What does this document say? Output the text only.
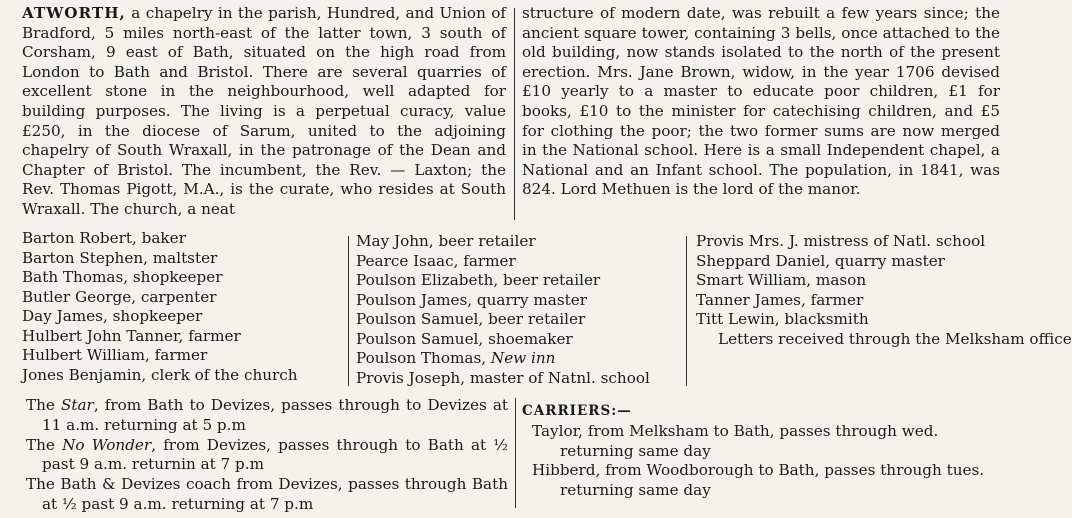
ATWORTH, a chapelry in the parish, Hundred, and Union of Bradford, 5 miles north-east of the latter town, 3 south of Corsham, 9 east of Bath, situated on the high road from London to Bath and Bristol. There are several quarries of excellent stone in the neighbourhood, well adapted for building purposes. The living is a perpetual curacy, value £250, in the diocese of Sarum, united to the adjoining chapelry of South Wraxall, in the patronage of the Dean and Chapter of Bristol. The incumbent, the Rev. — Laxton; the Rev. Thomas Pigott, M.A., is the curate, who resides at South Wraxall. The church, a neat

structure of modern date, was rebuilt a few years since; the ancient square tower, containing 3 bells, once attached to the old building, now stands isolated to the north of the present erection. Mrs. Jane Brown, widow, in the year 1706 devised £10 yearly to a master to educate poor children, £1 for books, £10 to the minister for catechising children, and £5 for clothing the poor; the two former sums are now merged in the National school. Here is a small Independent chapel, a National and an Infant school. The population, in 1841, was 824. Lord Methuen is the lord of the manor.

Barton Robert, baker
Barton Stephen, maltster
Bath Thomas, shopkeeper
Butler George, carpenter
Day James, shopkeeper
Hulbert John Tanner, farmer
Hulbert William, farmer
Jones Benjamin, clerk of the church
May John, beer retailer
Pearce Isaac, farmer
Poulson Elizabeth, beer retailer
Poulson James, quarry master
Poulson Samuel, beer retailer
Poulson Samuel, shoemaker
Poulson Thomas, New inn
Provis Joseph, master of Natnl. school
Provis Mrs. J. mistress of Natl. school
Sheppard Daniel, quarry master
Smart William, mason
Tanner James, farmer
Titt Lewin, blacksmith
Letters received through the Melksham office
The Star, from Bath to Devizes, passes through to Devizes at 11 a.m. returning at 5 p.m
The No Wonder, from Devizes, passes through to Bath at ½ past 9 a.m. returnin at 7 p.m
The Bath & Devizes coach from Devizes, passes through Bath at ½ past 9 a.m. returning at 7 p.m
CARRIERS:—
Taylor, from Melksham to Bath, passes through wed. returning same day
Hibberd, from Woodborough to Bath, passes through tues. returning same day
